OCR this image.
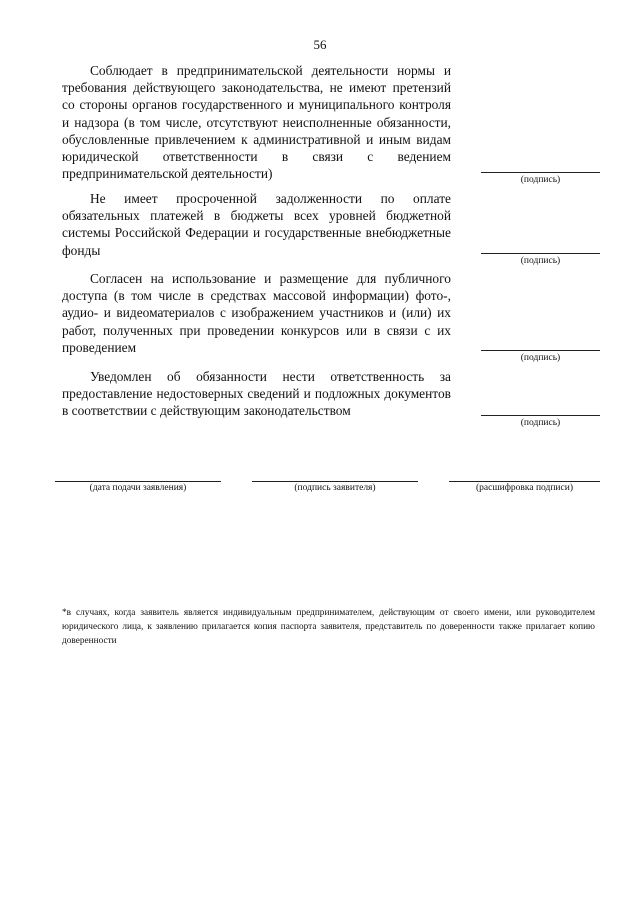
56

Соблюдает в предпринимательской деятельности нормы и требования действующего законодательства, не имеют претензий со стороны органов государственного и муниципального контроля и надзора (в том числе, отсутствуют неисполненные обязанности, обусловленные привлечением к административной и иным видам юридической ответственности в связи с ведением предпринимательской деятельности)	(подпись)

Не имеет просроченной задолженности по оплате обязательных платежей в бюджеты всех уровней бюджетной системы Российской Федерации и государственные внебюджетные фонды

(подпись)

Согласен на использование и размещение для публичного доступа (в том числе в средствах массовой информации) фото-, аудио- и видеоматериалов с изображением участников и (или) их работ, полученных при проведении конкурсов или в связи с их проведением

(подпись)

Уведомлен об обязанности нести ответственность за предоставление недостоверных сведений и подложных документов в соответствии с действующим законодательством

(подпись)
(дата подачи заявления)	(подпись заявителя)	(расшифровка подписи)

*в случаях, когда заявитель является индивидуальным предпринимателем, действующим от своего имени, или руководителем юридического лица, к заявлению прилагается копия паспорта заявителя, представитель по доверенности также прилагает копию доверенности
